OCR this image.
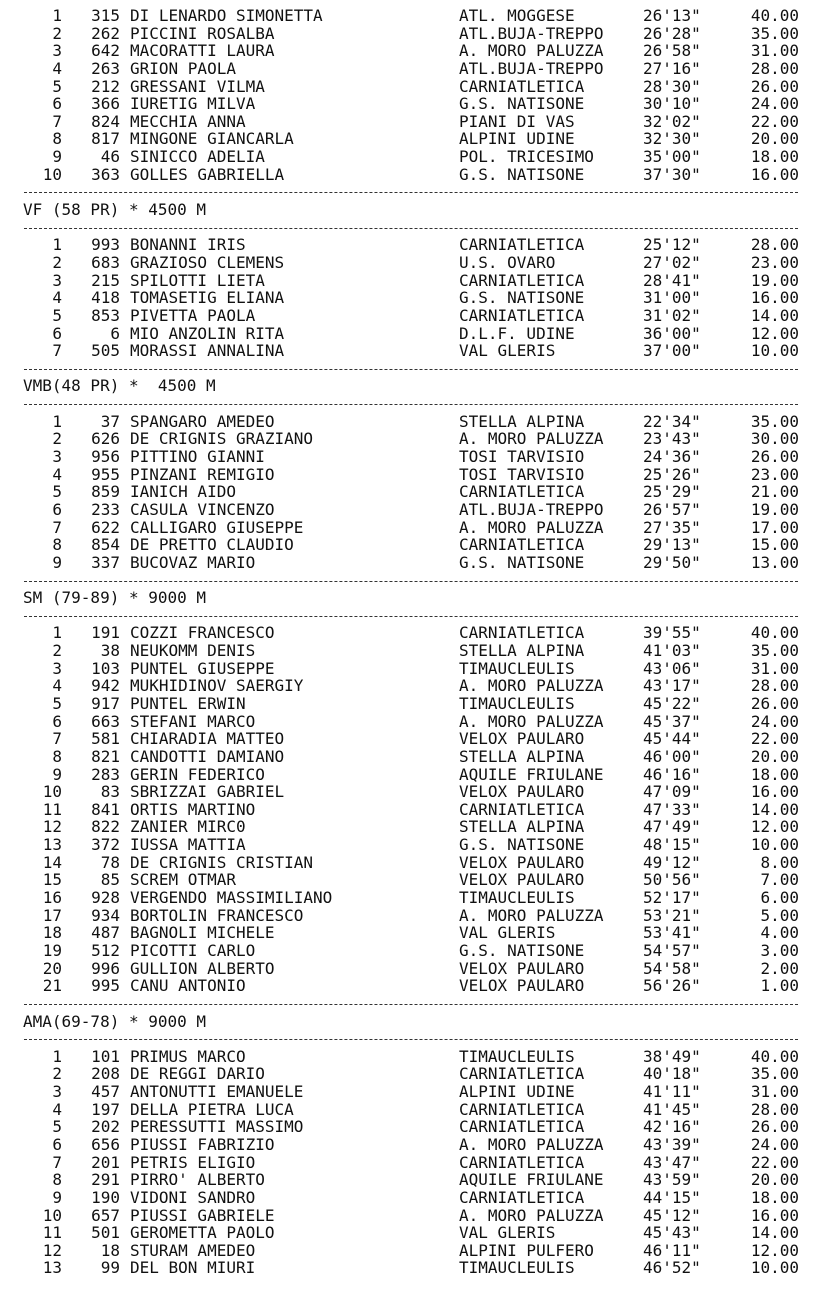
1	315 DI LENARDO SIMONETTA	ATL. MOGGESE	26'13"	40.00
2	262 PICCINI ROSALBA	ATL.BUJA-TREPPO 26'28"	35.00
3	642 MACORATTI LAURA	A. MORO PALUZZA 26'58"	31.00
4	263 GRION PAOLA	ATL.BUJA-TREPPO 27'16"	28.00
5	212 GRESSANI VILMA	CARNIATLETICA	28'30"	26.00
6	366 IURETIG MILVA	G.S. NATISONE	30'10"	24.00
7	824 MECCHIA ANNA	PIANI DI VAS	32'02"	22.00
8	817 MINGONE GIANCARLA	ALPINI UDINE	32'30"	20.00
9	46 SINICCO ADELIA	POL. TRICESIMO	35'00"	18.00
10	363 GOLLES GABRIELLA	G.S. NATISONE	37'30"	16.00
VF (58 PR) * 4500 M
1	993 BONANNI IRIS	CARNIATLETICA	25'12"	28.00
2	683 GRAZIOSO CLEMENS	U.S. OVARO	27'02"	23.00
3	215 SPILOTTI LIETA	CARNIATLETICA	28'41"	19.00
4	418 TOMASETIG ELIANA	G.S. NATISONE	31'00"	16.00
5	853 PIVETTA PAOLA	CARNIATLETICA	31'02"	14.00
6	6 MIO ANZOLIN RITA	D.L.F. UDINE	36'00"	12.00
7	505 MORASSI ANNALINA	VAL GLERIS	37'00"	10.00
VMB(48 PR) *  4500 M
1	37 SPANGARO AMEDEO	STELLA ALPINA	22'34"	35.00
2	626 DE CRIGNIS GRAZIANO	A. MORO PALUZZA 23'43"	30.00
3	956 PITTINO GIANNI	TOSI TARVISIO	24'36"	26.00
4	955 PINZANI REMIGIO	TOSI TARVISIO	25'26"	23.00
5	859 IANICH AIDO	CARNIATLETICA	25'29"	21.00
6	233 CASULA VINCENZO	ATL.BUJA-TREPPO 26'57"	19.00
7	622 CALLIGARO GIUSEPPE	A. MORO PALUZZA 27'35"	17.00
8	854 DE PRETTO CLAUDIO	CARNIATLETICA	29'13"	15.00
9	337 BUCOVAZ MARIO	G.S. NATISONE	29'50"	13.00
SM (79-89) * 9000 M
1	191 COZZI FRANCESCO	CARNIATLETICA	39'55"	40.00
2	38 NEUKOMM DENIS	STELLA ALPINA	41'03"	35.00
3	103 PUNTEL GIUSEPPE	TIMAUCLEULIS	43'06"	31.00
4	942 MUKHIDINOV SAERGIY	A. MORO PALUZZA 43'17"	28.00
5	917 PUNTEL ERWIN	TIMAUCLEULIS	45'22"	26.00
6	663 STEFANI MARCO	A. MORO PALUZZA 45'37"	24.00
7	581 CHIARADIA MATTEO	VELOX PAULARO	45'44"	22.00
8	821 CANDOTTI DAMIANO	STELLA ALPINA	46'00"	20.00
9	283 GERIN FEDERICO	AQUILE FRIULANE 46'16"	18.00
10	83 SBRIZZAI GABRIEL	VELOX PAULARO	47'09"	16.00
11	841 ORTIS MARTINO	CARNIATLETICA	47'33"	14.00
12	822 ZANIER MIRC0	STELLA ALPINA	47'49"	12.00
13	372 IUSSA MATTIA	G.S. NATISONE	48'15"	10.00
14	78 DE CRIGNIS CRISTIAN	VELOX PAULARO	49'12"	8.00
15	85 SCREM OTMAR	VELOX PAULARO	50'56"	7.00
16	928 VERGENDO MASSIMILIANO	TIMAUCLEULIS	52'17"	6.00
17	934 BORTOLIN FRANCESCO	A. MORO PALUZZA 53'21"	5.00
18	487 BAGNOLI MICHELE	VAL GLERIS	53'41"	4.00
19	512 PICOTTI CARLO	G.S. NATISONE	54'57"	3.00
20	996 GULLION ALBERTO	VELOX PAULARO	54'58"	2.00
21	995 CANU ANTONIO	VELOX PAULARO	56'26"	1.00
AMA(69-78) * 9000 M
1	101 PRIMUS MARCO	TIMAUCLEULIS	38'49"	40.00
2	208 DE REGGI DARIO	CARNIATLETICA	40'18"	35.00
3	457 ANTONUTTI EMANUELE	ALPINI UDINE	41'11"	31.00
4	197 DELLA PIETRA LUCA	CARNIATLETICA	41'45"	28.00
5	202 PERESSUTTI MASSIMO	CARNIATLETICA	42'16"	26.00
6	656 PIUSSI FABRIZIO	A. MORO PALUZZA 43'39"	24.00
7	201 PETRIS ELIGIO	CARNIATLETICA	43'47"	22.00
8	291 PIRRO' ALBERTO	AQUILE FRIULANE 43'59"	20.00
9	190 VIDONI SANDRO	CARNIATLETICA	44'15"	18.00
10	657 PIUSSI GABRIELE	A. MORO PALUZZA 45'12"	16.00
11	501 GEROMETTA PAOLO	VAL GLERIS	45'43"	14.00
12	18 STURAM AMEDEO	ALPINI PULFERO	46'11"	12.00
13	99 DEL BON MIURI	TIMAUCLEULIS	46'52"	10.00
